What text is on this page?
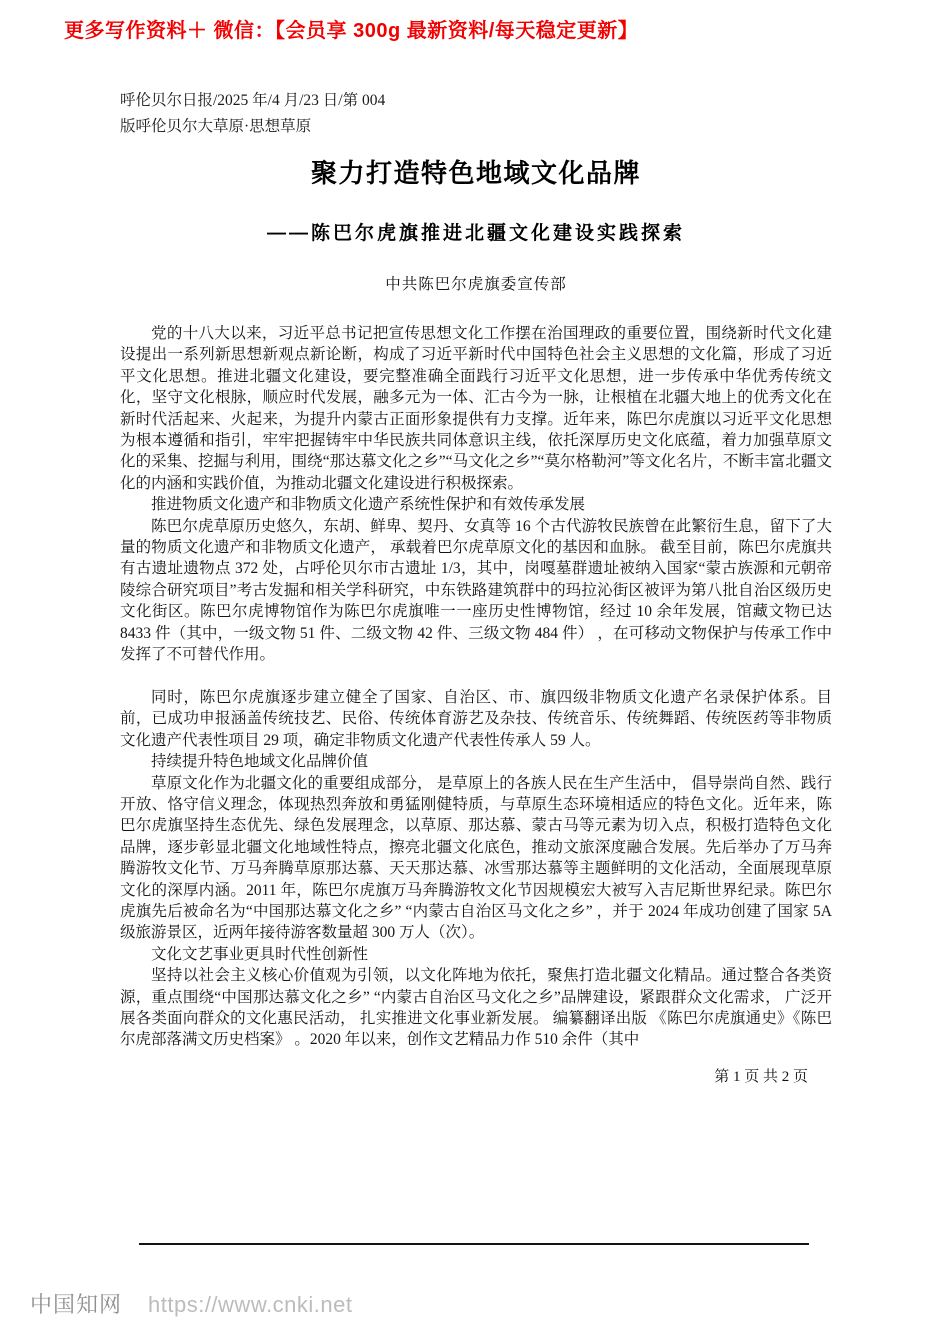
更多写作资料＋ 微信：【会员享 300g 最新资料/每天稳定更新】
呼伦贝尔日报/2025 年/4 月/23 日/第 004
版呼伦贝尔大草原·思想草原
聚力打造特色地域文化品牌
——陈巴尔虎旗推进北疆文化建设实践探索
中共陈巴尔虎旗委宣传部

党的十八大以来，习近平总书记把宣传思想文化工作摆在治国理政的重要位置，围绕新时代文化建设提出一系列新思想新观点新论断，构成了习近平新时代中国特色社会主义思想的文化篇，形成了习近平文化思想。推进北疆文化建设，要完整准确全面践行习近平文化思想，进一步传承中华优秀传统文化，坚守文化根脉，顺应时代发展，融多元为一体、汇古今为一脉，让根植在北疆大地上的优秀文化在新时代活起来、火起来，为提升内蒙古正面形象提供有力支撑。近年来，陈巴尔虎旗以习近平文化思想为根本遵循和指引，牢牢把握铸牢中华民族共同体意识主线，依托深厚历史文化底蕴，着力加强草原文化的采集、挖掘与利用，围绕“那达慕文化之乡”“马文化之乡”“莫尔格勒河”等文化名片，不断丰富北疆文化的内涵和实践价值，为推动北疆文化建设进行积极探索。

推进物质文化遗产和非物质文化遗产系统性保护和有效传承发展

陈巴尔虎草原历史悠久，东胡、鲜卑、契丹、女真等 16 个古代游牧民族曾在此繁衍生息，留下了大量的物质文化遗产和非物质文化遗产， 承载着巴尔虎草原文化的基因和血脉。 截至目前，陈巴尔虎旗共有古遗址遗物点 372 处，占呼伦贝尔市古遗址 1/3，其中，岗嘎墓群遗址被纳入国家“蒙古族源和元朝帝陵综合研究项目”考古发掘和相关学科研究，中东铁路建筑群中的玛拉沁街区被评为第八批自治区级历史文化街区。陈巴尔虎博物馆作为陈巴尔虎旗唯一一座历史性博物馆，经过 10 余年发展，馆藏文物已达 8433 件（其中，一级文物 51 件、二级文物 42 件、三级文物 484 件） ，在可移动文物保护与传承工作中发挥了不可替代作用。

同时，陈巴尔虎旗逐步建立健全了国家、自治区、市、旗四级非物质文化遗产名录保护体系。目前，已成功申报涵盖传统技艺、民俗、传统体育游艺及杂技、传统音乐、传统舞蹈、传统医药等非物质文化遗产代表性项目 29 项，确定非物质文化遗产代表性传承人 59 人。

持续提升特色地域文化品牌价值

草原文化作为北疆文化的重要组成部分， 是草原上的各族人民在生产生活中， 倡导崇尚自然、践行开放、恪守信义理念，体现热烈奔放和勇猛刚健特质，与草原生态环境相适应的特色文化。近年来，陈巴尔虎旗坚持生态优先、绿色发展理念，以草原、那达慕、蒙古马等元素为切入点，积极打造特色文化品牌，逐步彰显北疆文化地域性特点，擦亮北疆文化底色，推动文旅深度融合发展。先后举办了万马奔腾游牧文化节、万马奔腾草原那达慕、天天那达慕、冰雪那达慕等主题鲜明的文化活动，全面展现草原文化的深厚内涵。2011 年，陈巴尔虎旗万马奔腾游牧文化节因规模宏大被写入吉尼斯世界纪录。陈巴尔虎旗先后被命名为“中国那达慕文化之乡” “内蒙古自治区马文化之乡” ，并于 2024 年成功创建了国家 5A 级旅游景区，近两年接待游客数量超 300 万人（次）。

文化文艺事业更具时代性创新性

坚持以社会主义核心价值观为引领，以文化阵地为依托，聚焦打造北疆文化精品。通过整合各类资源，重点围绕“中国那达慕文化之乡” “内蒙古自治区马文化之乡”品牌建设，紧跟群众文化需求， 广泛开展各类面向群众的文化惠民活动， 扎实推进文化事业新发展。 编纂翻译出版 《陈巴尔虎旗通史》《陈巴尔虎部落满文历史档案》 。2020 年以来，创作文艺精品力作 510 余件（其中

第 1 页 共 2 页
中国知网 https://www.cnki.net
